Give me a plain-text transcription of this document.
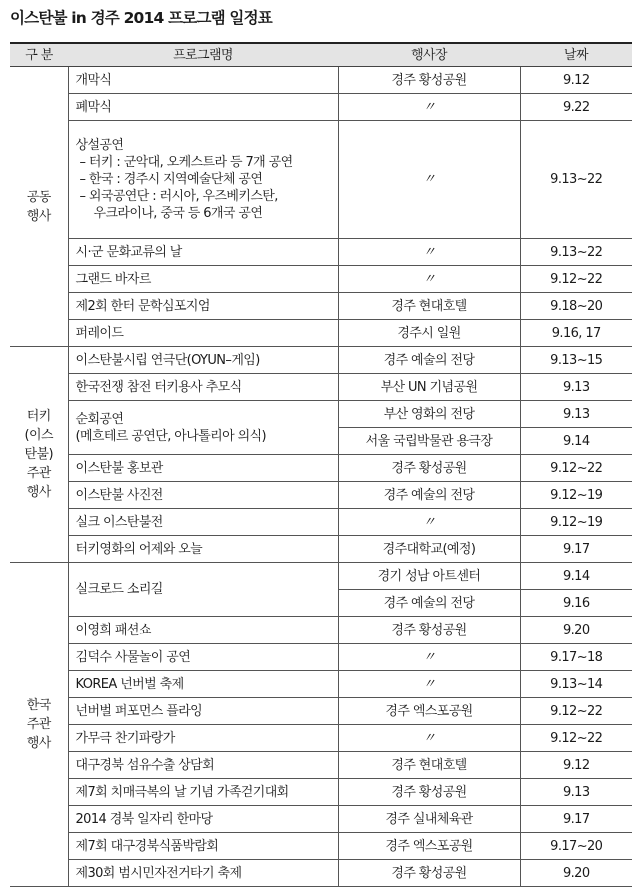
이스탄불 in 경주 2014 프로그램 일정표
구 분	프로그램명	행사장	날짜
공동
행사	개막식	경주 황성공원	9.12
	폐막식	〃	9.22

	상설공연
– 터키 : 군악대, 오케스트라 등 7개 공연
– 한국 : 경주시 지역예술단체 공연
– 외국공연단 : 러시아, 우즈베키스탄,
우크라이나, 중국 등 6개국 공연	〃	9.13~22
	시·군 문화교류의 날	〃	9.13~22
	그랜드 바자르	〃	9.12~22
	제2회 한터 문학심포지엄	경주 현대호텔	9.18~20
	퍼레이드	경주시 일원	9.16, 17
터키
(이스
탄불)
주관
행사	이스탄불시립 연극단(OYUN–게임)	경주 예술의 전당	9.13~15
	한국전쟁 참전 터키용사 추모식	부산 UN 기념공원	9.13

	순회공연
(메흐테르 공연단, 아나톨리아 의식)	부산 영화의 전당	9.13
		서울 국립박물관 용극장	9.14
	이스탄불 홍보관	경주 황성공원	9.12~22
	이스탄불 사진전	경주 예술의 전당	9.12~19
	실크 이스탄불전	〃	9.12~19
	터키영화의 어제와 오늘	경주대학교(예정)	9.17
한국
주관
행사	실크로드 소리길	경기 성남 아트센터	9.14
		경주 예술의 전당	9.16
	이영희 패션쇼	경주 황성공원	9.20
	김덕수 사물놀이 공연	〃	9.17~18
	KOREA 넌버벌 축제	〃	9.13~14
	넌버벌 퍼포먼스 플라잉	경주 엑스포공원	9.12~22
	가무극 찬기파랑가	〃	9.12~22
	대구경북 섬유수출 상담회	경주 현대호텔	9.12
	제7회 치매극복의 날 기념 가족걷기대회	경주 황성공원	9.13
	2014 경북 일자리 한마당	경주 실내체육관	9.17
	제7회 대구경북식품박람회	경주 엑스포공원	9.17~20
	제30회 범시민자전거타기 축제	경주 황성공원	9.20
